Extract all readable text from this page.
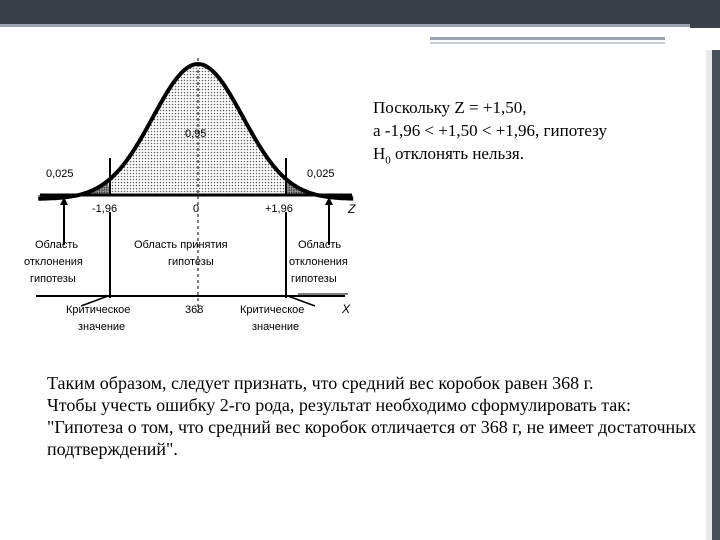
0,95
0,025	0,025
-1,96	0	+1,96	Z
Область
отклонения
гипотезы
Область принятия
гипотезы
Область
отклонения
гипотезы
Критическое
значение
368	Критическое
значение
X
Поскольку Z = +1,50,
а -1,96 < +1,50 < +1,96, гипотезу
$H_0$ отклонять нельзя.

Таким образом, следует признать, что средний вес коробок равен 368 г.

Чтобы учесть ошибку 2-го рода, результат необходимо сформулировать так: "Гипотеза о том, что средний вес коробок отличается от 368 г, не имеет достаточных подтверждений".
